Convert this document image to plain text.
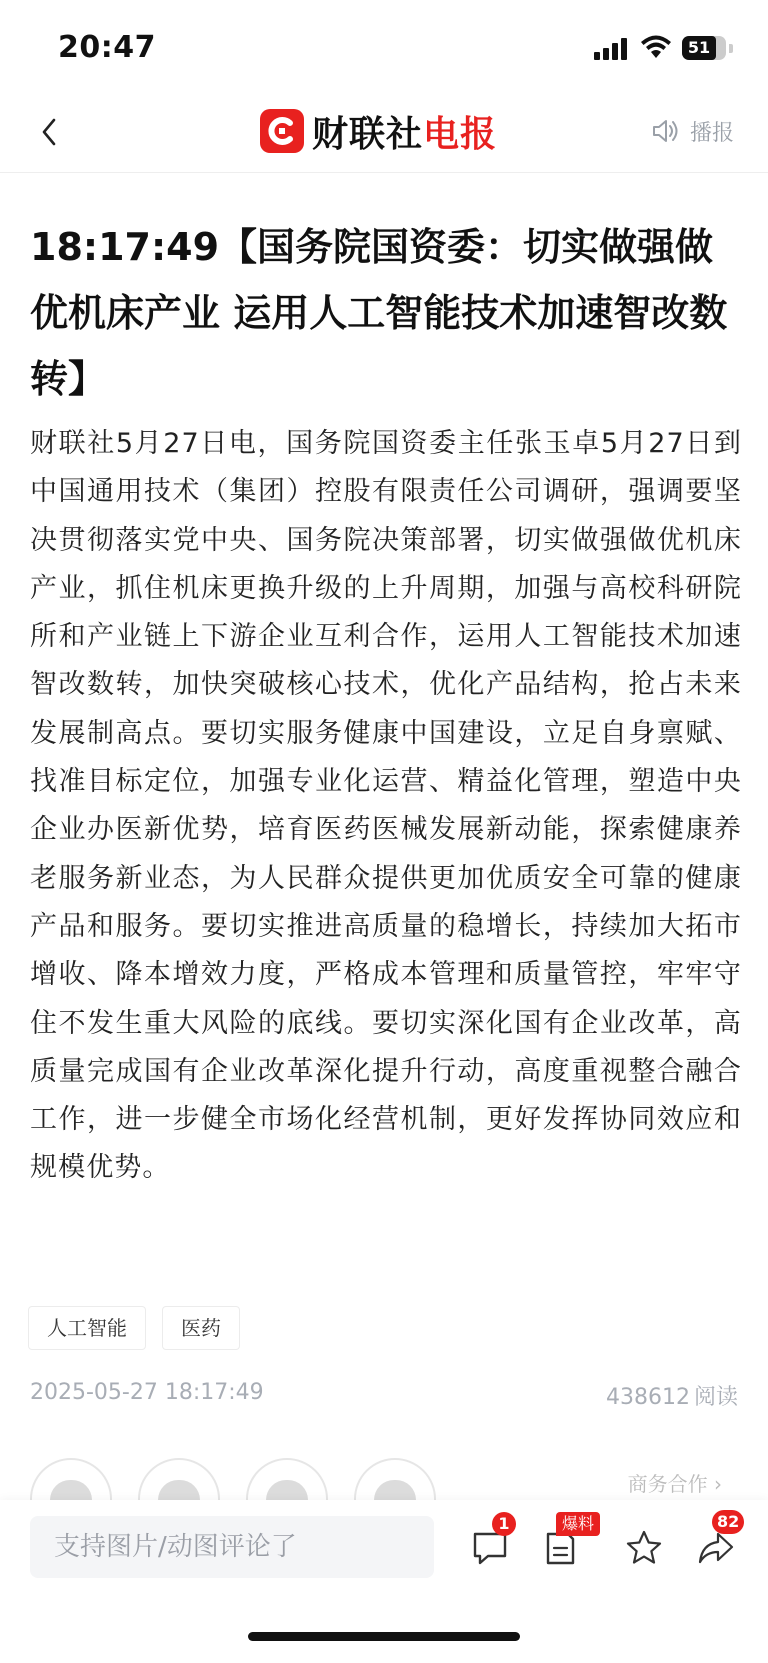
20:47	51
财联社电报	播报
18:17:49【国务院国资委：切实做强做优机床产业 运用人工智能技术加速智改数转】

财联社5月27日电，国务院国资委主任张玉卓5月27日到中国通用技术（集团）控股有限责任公司调研，强调要坚决贯彻落实党中央、国务院决策部署，切实做强做优机床产业，抓住机床更换升级的上升周期，加强与高校科研院所和产业链上下游企业互利合作，运用人工智能技术加速智改数转，加快突破核心技术，优化产品结构，抢占未来发展制高点。要切实服务健康中国建设，立足自身禀赋、找准目标定位，加强专业化运营、精益化管理，塑造中央企业办医新优势，培育医药医械发展新动能，探索健康养老服务新业态，为人民群众提供更加优质安全可靠的健康产品和服务。要切实推进高质量的稳增长，持续加大拓市增收、降本增效力度，严格成本管理和质量管控，牢牢守住不发生重大风险的底线。要切实深化国有企业改革，高质量完成国有企业改革深化提升行动，高度重视整合融合工作，进一步健全市场化经营机制，更好发挥协同效应和规模优势。

人工智能	医药
2025-05-27 18:17:49	438612 阅读
商务合作 ›
支持图片/动图评论了
1	爆料	82
